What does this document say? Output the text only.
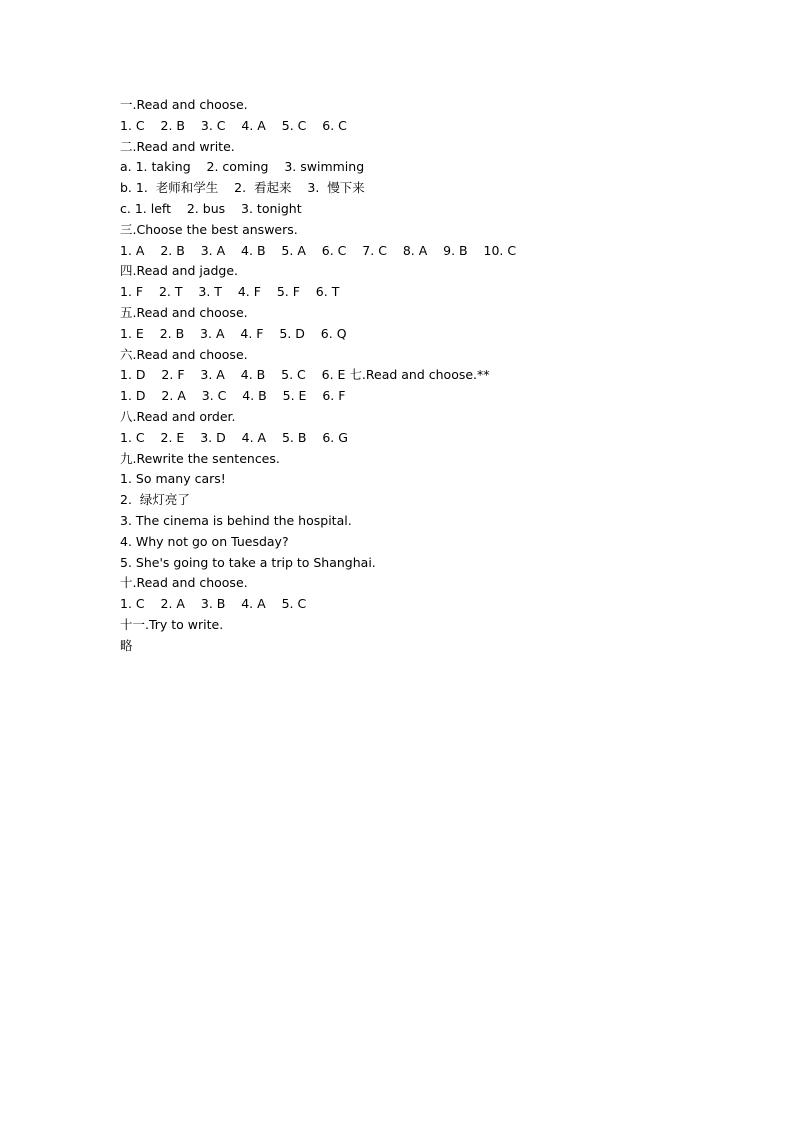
一.Read and choose.
1. C    2. B    3. C    4. A    5. C    6. C
二.Read and write.
a. 1. taking    2. coming    3. swimming
b. 1.  老师和学生    2.  看起来    3.  慢下来
c. 1. left    2. bus    3. tonight
三.Choose the best answers.
1. A    2. B    3. A    4. B    5. A    6. C    7. C    8. A    9. B    10. C
四.Read and jadge.
1. F    2. T    3. T    4. F    5. F    6. T
五.Read and choose.
1. E    2. B    3. A    4. F    5. D    6. Q
六.Read and choose.
1. D    2. F    3. A    4. B    5. C    6. E 七.Read and choose.**
1. D    2. A    3. C    4. B    5. E    6. F
八.Read and order.
1. C    2. E    3. D    4. A    5. B    6. G
九.Rewrite the sentences.
1. So many cars!
2.  绿灯亮了
3. The cinema is behind the hospital.
4. Why not go on Tuesday?
5. She's going to take a trip to Shanghai.
十.Read and choose.
1. C    2. A    3. B    4. A    5. C
十一.Try to write.
略
